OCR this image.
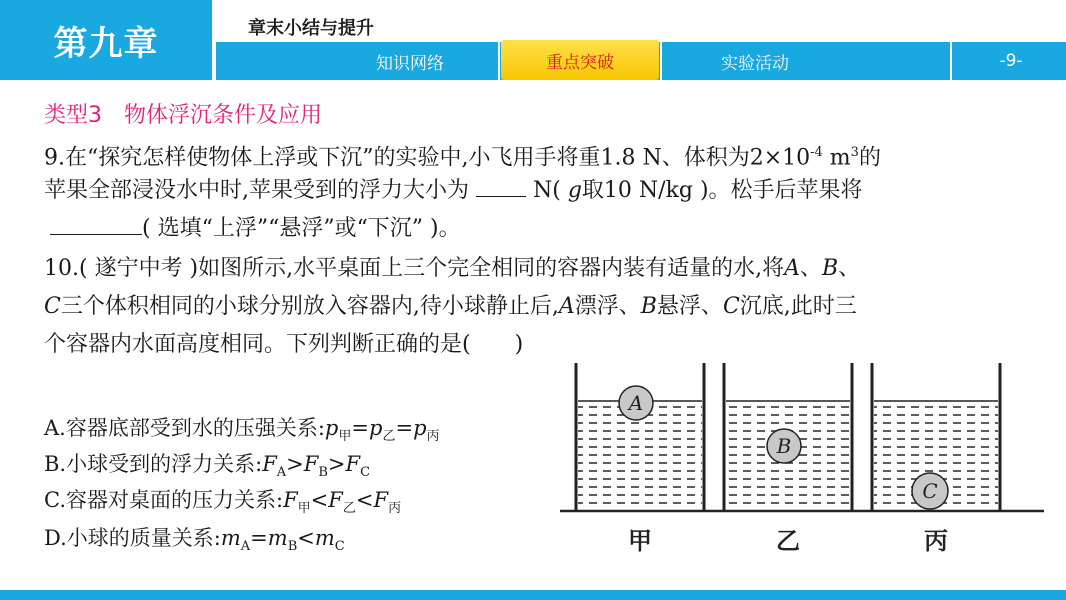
第九章	章末小结与提升
知识网络	重点突破	实验活动	-9-
类型3　物体浮沉条件及应用
9.在“探究怎样使物体上浮或下沉”的实验中,小飞用手将重1.8 N、体积为$2\times 10^{-4}$ $m^3$的
苹果全部浸没水中时,苹果受到的浮力大小为  N( g取10 N/kg )。松手后苹果将
( 选填“上浮”“悬浮”或“下沉” )。
10.( 遂宁中考 )如图所示,水平桌面上三个完全相同的容器内装有适量的水,将A、B、
C三个体积相同的小球分别放入容器内,待小球静止后,A漂浮、B悬浮、C沉底,此时三
个容器内水面高度相同。下列判断正确的是(　　)
A.容器底部受到水的压强关系$:p_甲=p_乙=p_丙$
B.小球受到的浮力关系$:F_A>F_B>F_C$
C.容器对桌面的压力关系$:F_甲<F_乙<F_丙$
D.小球的质量关系$:m_A=m_B<m_C$
A
B
C
甲	乙	丙
